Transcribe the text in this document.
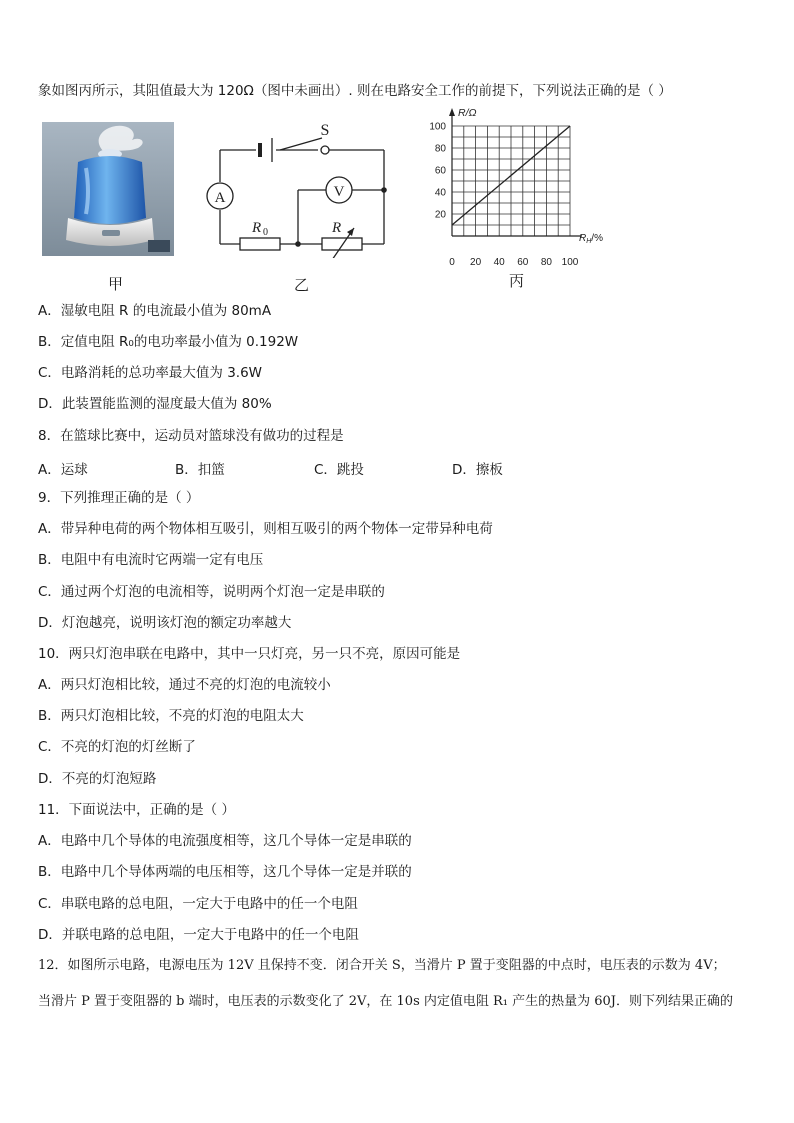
象如图丙所示，其阻值最大为 120Ω（图中未画出）. 则在电路安全工作的前提下，下列说法正确的是（ ）
甲
A	V
S
R 0	R
乙
20
40
60
80
100
0 20 40 60 80 100
R/Ω
$R_H/\%$
丙
A．湿敏电阻 R 的电流最小值为 80mA
B．定值电阻 R₀的电功率最小值为 0.192W
C．电路消耗的总功率最大值为 3.6W
D．此装置能监测的湿度最大值为 80%
8．在篮球比赛中，运动员对篮球没有做功的过程是
A．运球	B．扣篮	C．跳投	D．擦板
9．下列推理正确的是（ ）
A．带异种电荷的两个物体相互吸引，则相互吸引的两个物体一定带异种电荷
B．电阻中有电流时它两端一定有电压
C．通过两个灯泡的电流相等，说明两个灯泡一定是串联的
D．灯泡越亮，说明该灯泡的额定功率越大
10．两只灯泡串联在电路中，其中一只灯亮，另一只不亮，原因可能是
A．两只灯泡相比较，通过不亮的灯泡的电流较小
B．两只灯泡相比较，不亮的灯泡的电阻太大
C．不亮的灯泡的灯丝断了
D．不亮的灯泡短路
11．下面说法中，正确的是（ ）
A．电路中几个导体的电流强度相等，这几个导体一定是串联的
B．电路中几个导体两端的电压相等，这几个导体一定是并联的
C．串联电路的总电阻，一定大于电路中的任一个电阻
D．并联电路的总电阻，一定大于电路中的任一个电阻
12．如图所示电路，电源电压为 12V 且保持不变．闭合开关 S，当滑片 P 置于变阻器的中点时，电压表的示数为 4V；
当滑片 P 置于变阻器的 b 端时，电压表的示数变化了 2V，在 10s 内定值电阻 R₁ 产生的热量为 60J．则下列结果正确的
